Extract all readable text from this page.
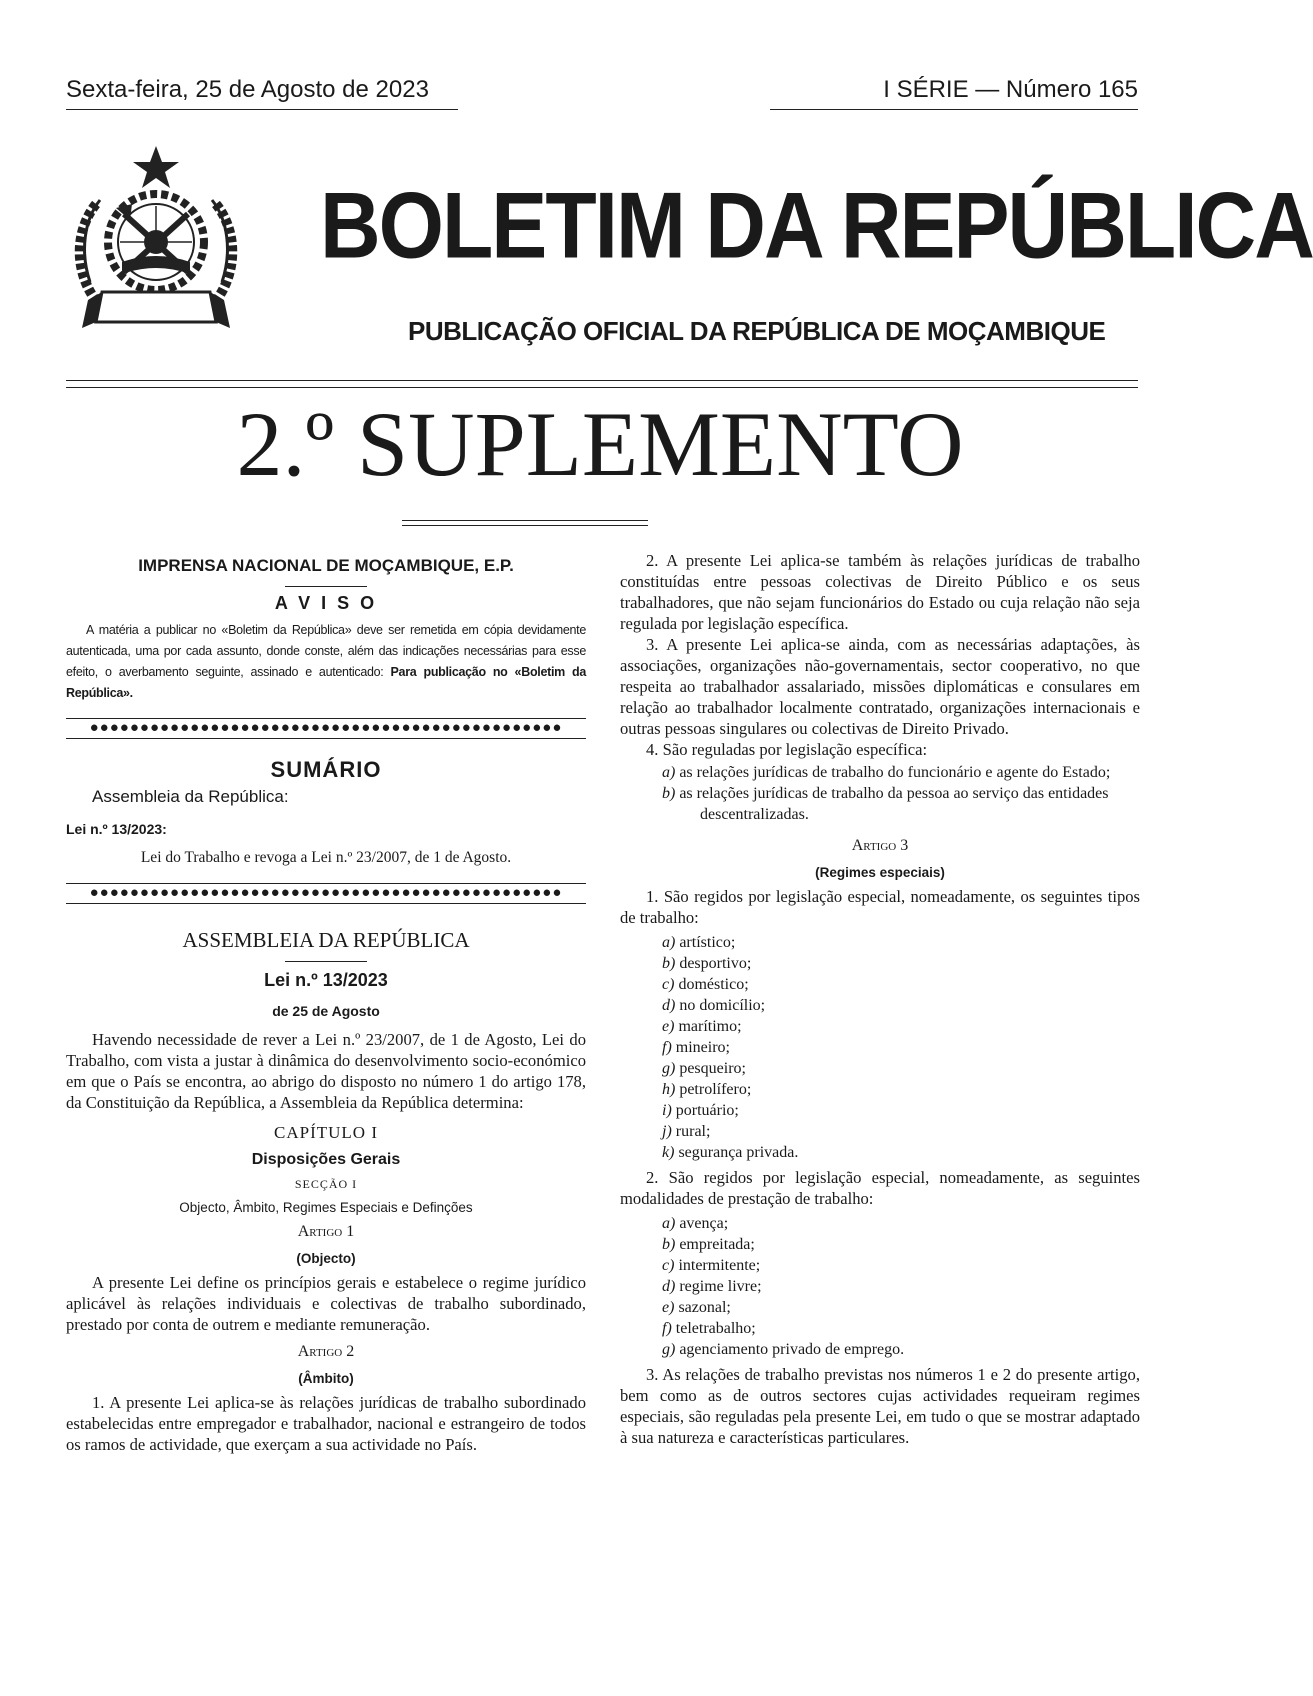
Sexta-feira, 25 de Agosto de 2023	I SÉRIE — Número 165
BOLETIM DA REPÚBLICA
PUBLICAÇÃO OFICIAL DA REPÚBLICA DE MOÇAMBIQUE
2.º SUPLEMENTO
IMPRENSA NACIONAL DE MOÇAMBIQUE, E.P.
A V I S O
A matéria a publicar no «Boletim da República» deve ser remetida em cópia devidamente autenticada, uma por cada assunto, donde conste, além das indicações necessárias para esse efeito, o averbamento seguinte, assinado e autenticado: Para publicação no «Boletim da República».
●●●●●●●●●●●●●●●●●●●●●●●●●●●●●●●●●●●●●●●●●●●●●●●
SUMÁRIO
Assembleia da República:
Lei n.º 13/2023:
Lei do Trabalho e revoga a Lei n.º 23/2007, de 1 de Agosto.
●●●●●●●●●●●●●●●●●●●●●●●●●●●●●●●●●●●●●●●●●●●●●●●
ASSEMBLEIA DA REPÚBLICA
Lei n.º 13/2023
de 25 de Agosto

Havendo necessidade de rever a Lei n.º 23/2007, de 1 de Agosto, Lei do Trabalho, com vista a justar à dinâmica do desenvolvimento socio-económico em que o País se encontra, ao abrigo do disposto no número 1 do artigo 178, da Constituição da República, a Assembleia da República determina:

CAPÍTULO I
Disposições Gerais
SECÇÃO I
Objecto, Âmbito, Regimes Especiais e Definções
Artigo 1
(Objecto)

A presente Lei define os princípios gerais e estabelece o regime jurídico aplicável às relações individuais e colectivas de trabalho subordinado, prestado por conta de outrem e mediante remuneração.

Artigo 2
(Âmbito)

1. A presente Lei aplica-se às relações jurídicas de trabalho subordinado estabelecidas entre empregador e trabalhador, nacional e estrangeiro de todos os ramos de actividade, que exerçam a sua actividade no País.

2. A presente Lei aplica-se também às relações jurídicas de trabalho constituídas entre pessoas colectivas de Direito Público e os seus trabalhadores, que não sejam funcionários do Estado ou cuja relação não seja regulada por legislação específica.

3. A presente Lei aplica-se ainda, com as necessárias adaptações, às associações, organizações não-governamentais, sector cooperativo, no que respeita ao trabalhador assalariado, missões diplomáticas e consulares em relação ao trabalhador localmente contratado, organizações internacionais e outras pessoas singulares ou colectivas de Direito Privado.

4. São reguladas por legislação específica:

a) as relações jurídicas de trabalho do funcionário e agente do Estado;
b) as relações jurídicas de trabalho da pessoa ao serviço das entidades descentralizadas.
Artigo 3
(Regimes especiais)

1. São regidos por legislação especial, nomeadamente, os seguintes tipos de trabalho:

a) artístico;
b) desportivo;
c) doméstico;
d) no domicílio;
e) marítimo;
f) mineiro;
g) pesqueiro;
h) petrolífero;
i) portuário;
j) rural;
k) segurança privada.

2. São regidos por legislação especial, nomeadamente, as seguintes modalidades de prestação de trabalho:

a) avença;
b) empreitada;
c) intermitente;
d) regime livre;
e) sazonal;
f) teletrabalho;
g) agenciamento privado de emprego.

3. As relações de trabalho previstas nos números 1 e 2 do presente artigo, bem como as de outros sectores cujas actividades requeiram regimes especiais, são reguladas pela presente Lei, em tudo o que se mostrar adaptado à sua natureza e características particulares.
